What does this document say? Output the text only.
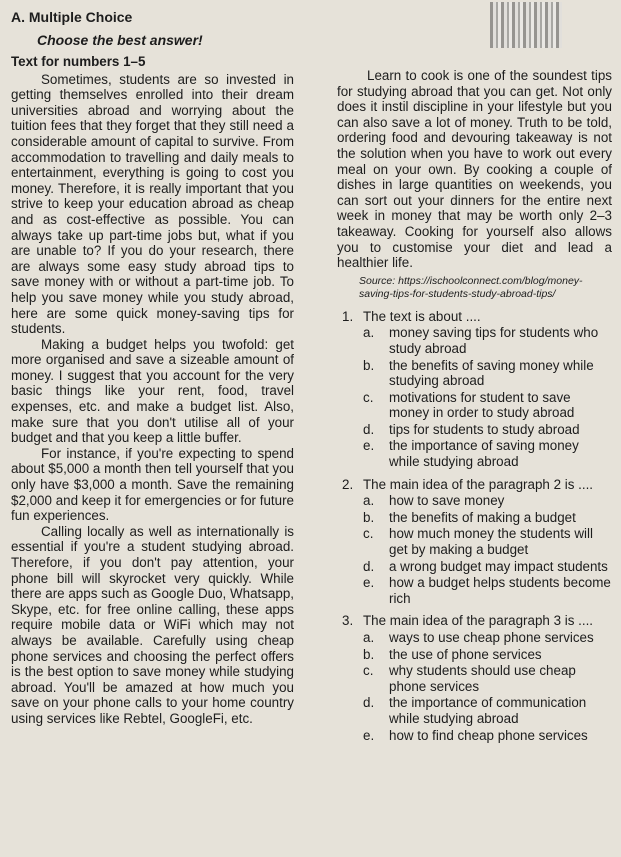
A. Multiple Choice
Choose the best answer!

Text for numbers 1–5

Sometimes, students are so invested in getting themselves enrolled into their dream universities abroad and worrying about the tuition fees that they forget that they still need a considerable amount of capital to survive. From accommodation to travelling and daily meals to entertainment, everything is going to cost you money. Therefore, it is really important that you strive to keep your education abroad as cheap and as cost-effective as possible. You can always take up part-time jobs but, what if you are unable to? If you do your research, there are always some easy study abroad tips to save money with or without a part-time job. To help you save money while you study abroad, here are some quick money-saving tips for students.

Making a budget helps you twofold: get more organised and save a sizeable amount of money. I suggest that you account for the very basic things like your rent, food, travel expenses, etc. and make a budget list. Also, make sure that you don't utilise all of your budget and that you keep a little buffer.

For instance, if you're expecting to spend about $5,000 a month then tell yourself that you only have $3,000 a month. Save the remaining $2,000 and keep it for emergencies or for future fun experiences.

Calling locally as well as internationally is essential if you're a student studying abroad. Therefore, if you don't pay attention, your phone bill will skyrocket very quickly. While there are apps such as Google Duo, Whatsapp, Skype, etc. for free online calling, these apps require mobile data or WiFi which may not always be available. Carefully using cheap phone services and choosing the perfect offers is the best option to save money while studying abroad. You'll be amazed at how much you save on your phone calls to your home country using services like Rebtel, GoogleFi, etc.

Learn to cook is one of the soundest tips for studying abroad that you can get. Not only does it instil discipline in your lifestyle but you can also save a lot of money. Truth to be told, ordering food and devouring takeaway is not the solution when you have to work out every meal on your own. By cooking a couple of dishes in large quantities on weekends, you can sort out your dinners for the entire next week in money that may be worth only 2–3 takeaway. Cooking for yourself also allows you to customise your diet and lead a healthier life.

Source: https://ischoolconnect.com/blog/money-saving-tips-for-students-study-abroad-tips/
1. The text is about ....
a. money saving tips for students who study abroad
b. the benefits of saving money while studying abroad
c. motivations for student to save money in order to study abroad
d. tips for students to study abroad
e. the importance of saving money while studying abroad
2. The main idea of the paragraph 2 is ....
a. how to save money
b. the benefits of making a budget
c. how much money the students will get by making a budget
d. a wrong budget may impact students
e. how a budget helps students become rich
3. The main idea of the paragraph 3 is ....
a. ways to use cheap phone services
b. the use of phone services
c. why students should use cheap phone services
d. the importance of communication while studying abroad
e. how to find cheap phone services
